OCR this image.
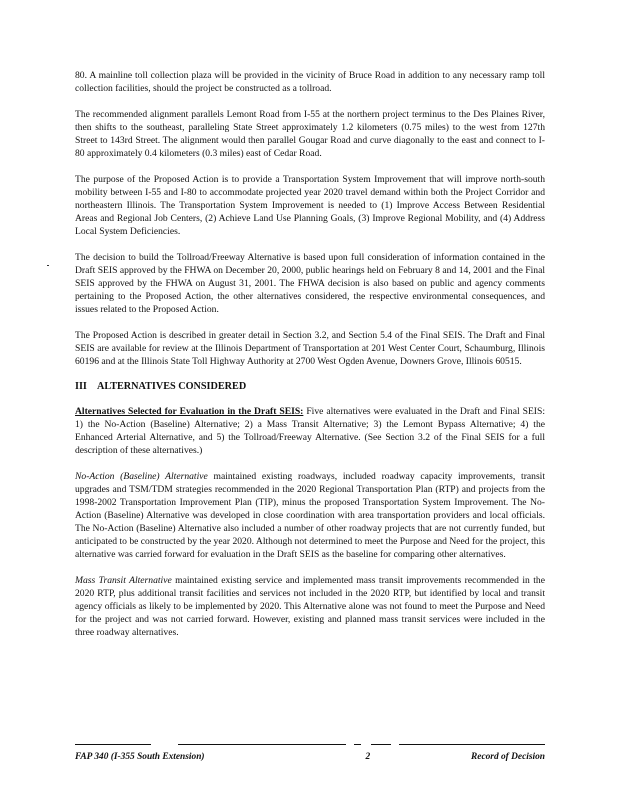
80. A mainline toll collection plaza will be provided in the vicinity of Bruce Road in addition to any necessary ramp toll collection facilities, should the project be constructed as a tollroad.

The recommended alignment parallels Lemont Road from I-55 at the northern project terminus to the Des Plaines River, then shifts to the southeast, paralleling State Street approximately 1.2 kilometers (0.75 miles) to the west from 127th Street to 143rd Street. The alignment would then parallel Gougar Road and curve diagonally to the east and connect to I-80 approximately 0.4 kilometers (0.3 miles) east of Cedar Road.

The purpose of the Proposed Action is to provide a Transportation System Improvement that will improve north-south mobility between I-55 and I-80 to accommodate projected year 2020 travel demand within both the Project Corridor and northeastern Illinois. The Transportation System Improvement is needed to (1) Improve Access Between Residential Areas and Regional Job Centers, (2) Achieve Land Use Planning Goals, (3) Improve Regional Mobility, and (4) Address Local System Deficiencies.

The decision to build the Tollroad/Freeway Alternative is based upon full consideration of information contained in the Draft SEIS approved by the FHWA on December 20, 2000, public hearings held on February 8 and 14, 2001 and the Final SEIS approved by the FHWA on August 31, 2001. The FHWA decision is also based on public and agency comments pertaining to the Proposed Action, the other alternatives considered, the respective environmental consequences, and issues related to the Proposed Action.

The Proposed Action is described in greater detail in Section 3.2, and Section 5.4 of the Final SEIS. The Draft and Final SEIS are available for review at the Illinois Department of Transportation at 201 West Center Court, Schaumburg, Illinois 60196 and at the Illinois State Toll Highway Authority at 2700 West Ogden Avenue, Downers Grove, Illinois 60515.

III ALTERNATIVES CONSIDERED

Alternatives Selected for Evaluation in the Draft SEIS: Five alternatives were evaluated in the Draft and Final SEIS: 1) the No-Action (Baseline) Alternative; 2) a Mass Transit Alternative; 3) the Lemont Bypass Alternative; 4) the Enhanced Arterial Alternative, and 5) the Tollroad/Freeway Alternative. (See Section 3.2 of the Final SEIS for a full description of these alternatives.)

No-Action (Baseline) Alternative maintained existing roadways, included roadway capacity improvements, transit upgrades and TSM/TDM strategies recommended in the 2020 Regional Transportation Plan (RTP) and projects from the 1998-2002 Transportation Improvement Plan (TIP), minus the proposed Transportation System Improvement. The No-Action (Baseline) Alternative was developed in close coordination with area transportation providers and local officials. The No-Action (Baseline) Alternative also included a number of other roadway projects that are not currently funded, but anticipated to be constructed by the year 2020. Although not determined to meet the Purpose and Need for the project, this alternative was carried forward for evaluation in the Draft SEIS as the baseline for comparing other alternatives.

Mass Transit Alternative maintained existing service and implemented mass transit improvements recommended in the 2020 RTP, plus additional transit facilities and services not included in the 2020 RTP, but identified by local and transit agency officials as likely to be implemented by 2020. This Alternative alone was not found to meet the Purpose and Need for the project and was not carried forward. However, existing and planned mass transit services were included in the three roadway alternatives.

FAP 340 (I-355 South Extension)	2	Record of Decision
